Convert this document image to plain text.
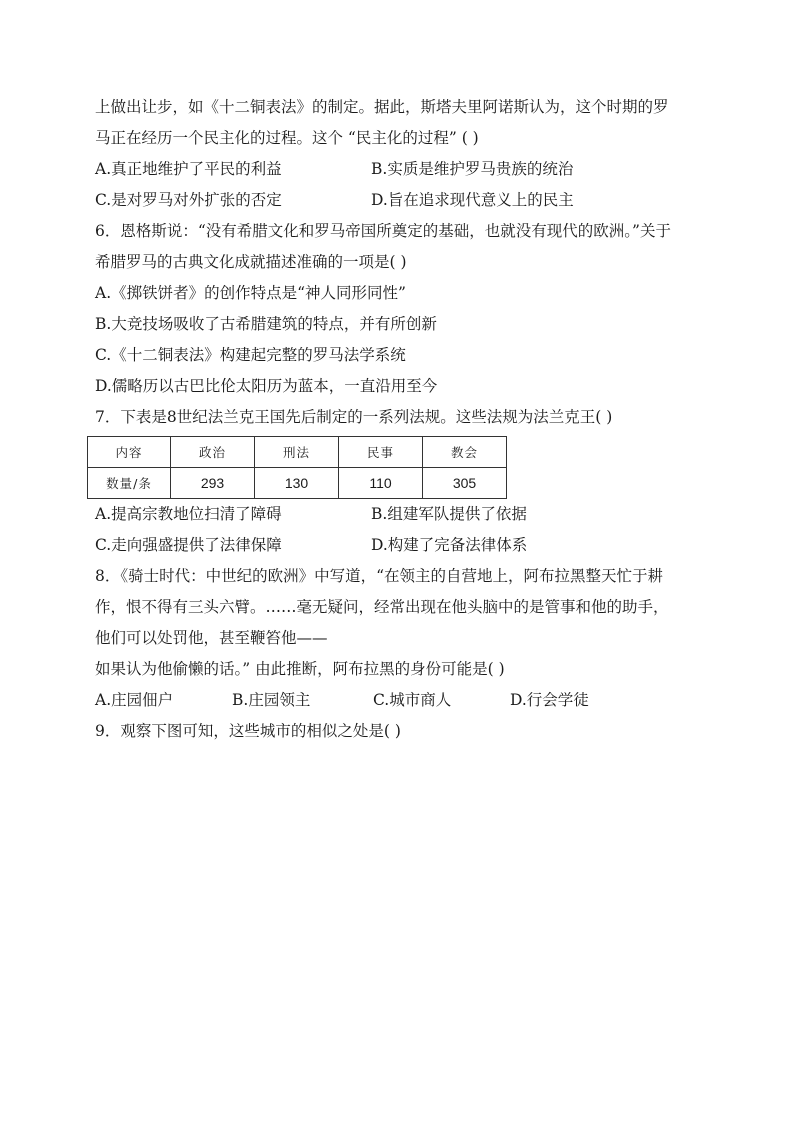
上做出让步，如《十二铜表法》的制定。据此，斯塔夫里阿诺斯认为，这个时期的罗
马正在经历一个民主化的过程。这个 “民主化的过程” ( )
A.真正地维护了平民的利益	B.实质是维护罗马贵族的统治
C.是对罗马对外扩张的否定	D.旨在追求现代意义上的民主
6．恩格斯说：“没有希腊文化和罗马帝国所奠定的基础，也就没有现代的欧洲。”关于
希腊罗马的古典文化成就描述准确的一项是( )
A.《掷铁饼者》的创作特点是“神人同形同性”
B.大竞技场吸收了古希腊建筑的特点，并有所创新
C.《十二铜表法》构建起完整的罗马法学系统
D.儒略历以古巴比伦太阳历为蓝本，一直沿用至今
7．下表是8世纪法兰克王国先后制定的一系列法规。这些法规为法兰克王( )
内容	政治	刑法	民事	教会
数量/条	293	130	110	305
A.提高宗教地位扫清了障碍	B.组建军队提供了依据
C.走向强盛提供了法律保障	D.构建了完备法律体系
8．《骑士时代：中世纪的欧洲》中写道，“在领主的自营地上，阿布拉黑整天忙于耕
作，恨不得有三头六臂。……毫无疑问，经常出现在他头脑中的是管事和他的助手，
他们可以处罚他，甚至鞭笞他——
如果认为他偷懒的话。” 由此推断，阿布拉黑的身份可能是( )
A.庄园佃户	B.庄园领主	C.城市商人	D.行会学徒
9．观察下图可知，这些城市的相似之处是( )
